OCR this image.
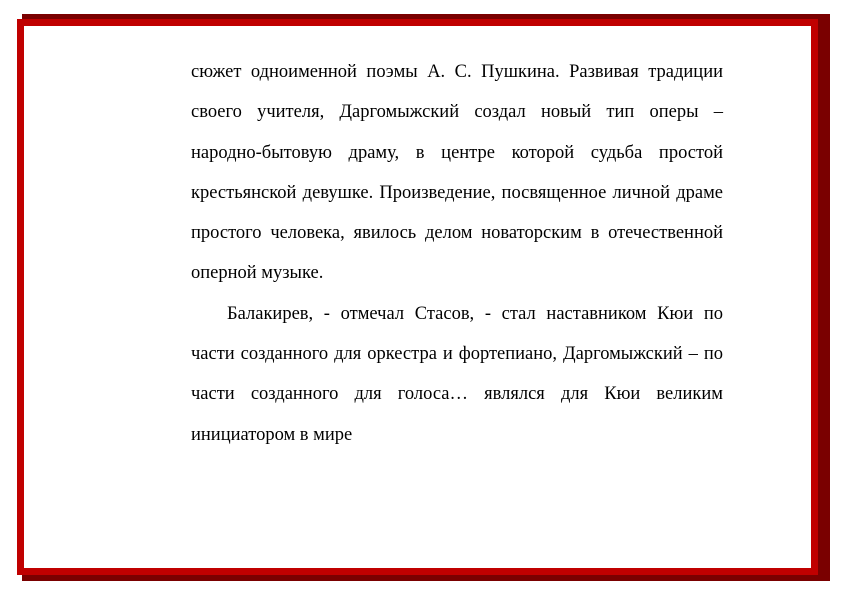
сюжет одноименной поэмы А. С. Пушкина. Развивая традиции своего учителя, Даргомыжский создал новый тип оперы – народно-бытовую драму, в центре которой судьба простой крестьянской девушке. Произведение, посвященное личной драме простого человека, явилось делом новаторским в отечественной оперной музыке.

Балакирев, - отмечал Стасов, - стал наставником Кюи по части созданного для оркестра и фортепиано, Даргомыжский – по части созданного для голоса… являлся для Кюи великим инициатором в мире
